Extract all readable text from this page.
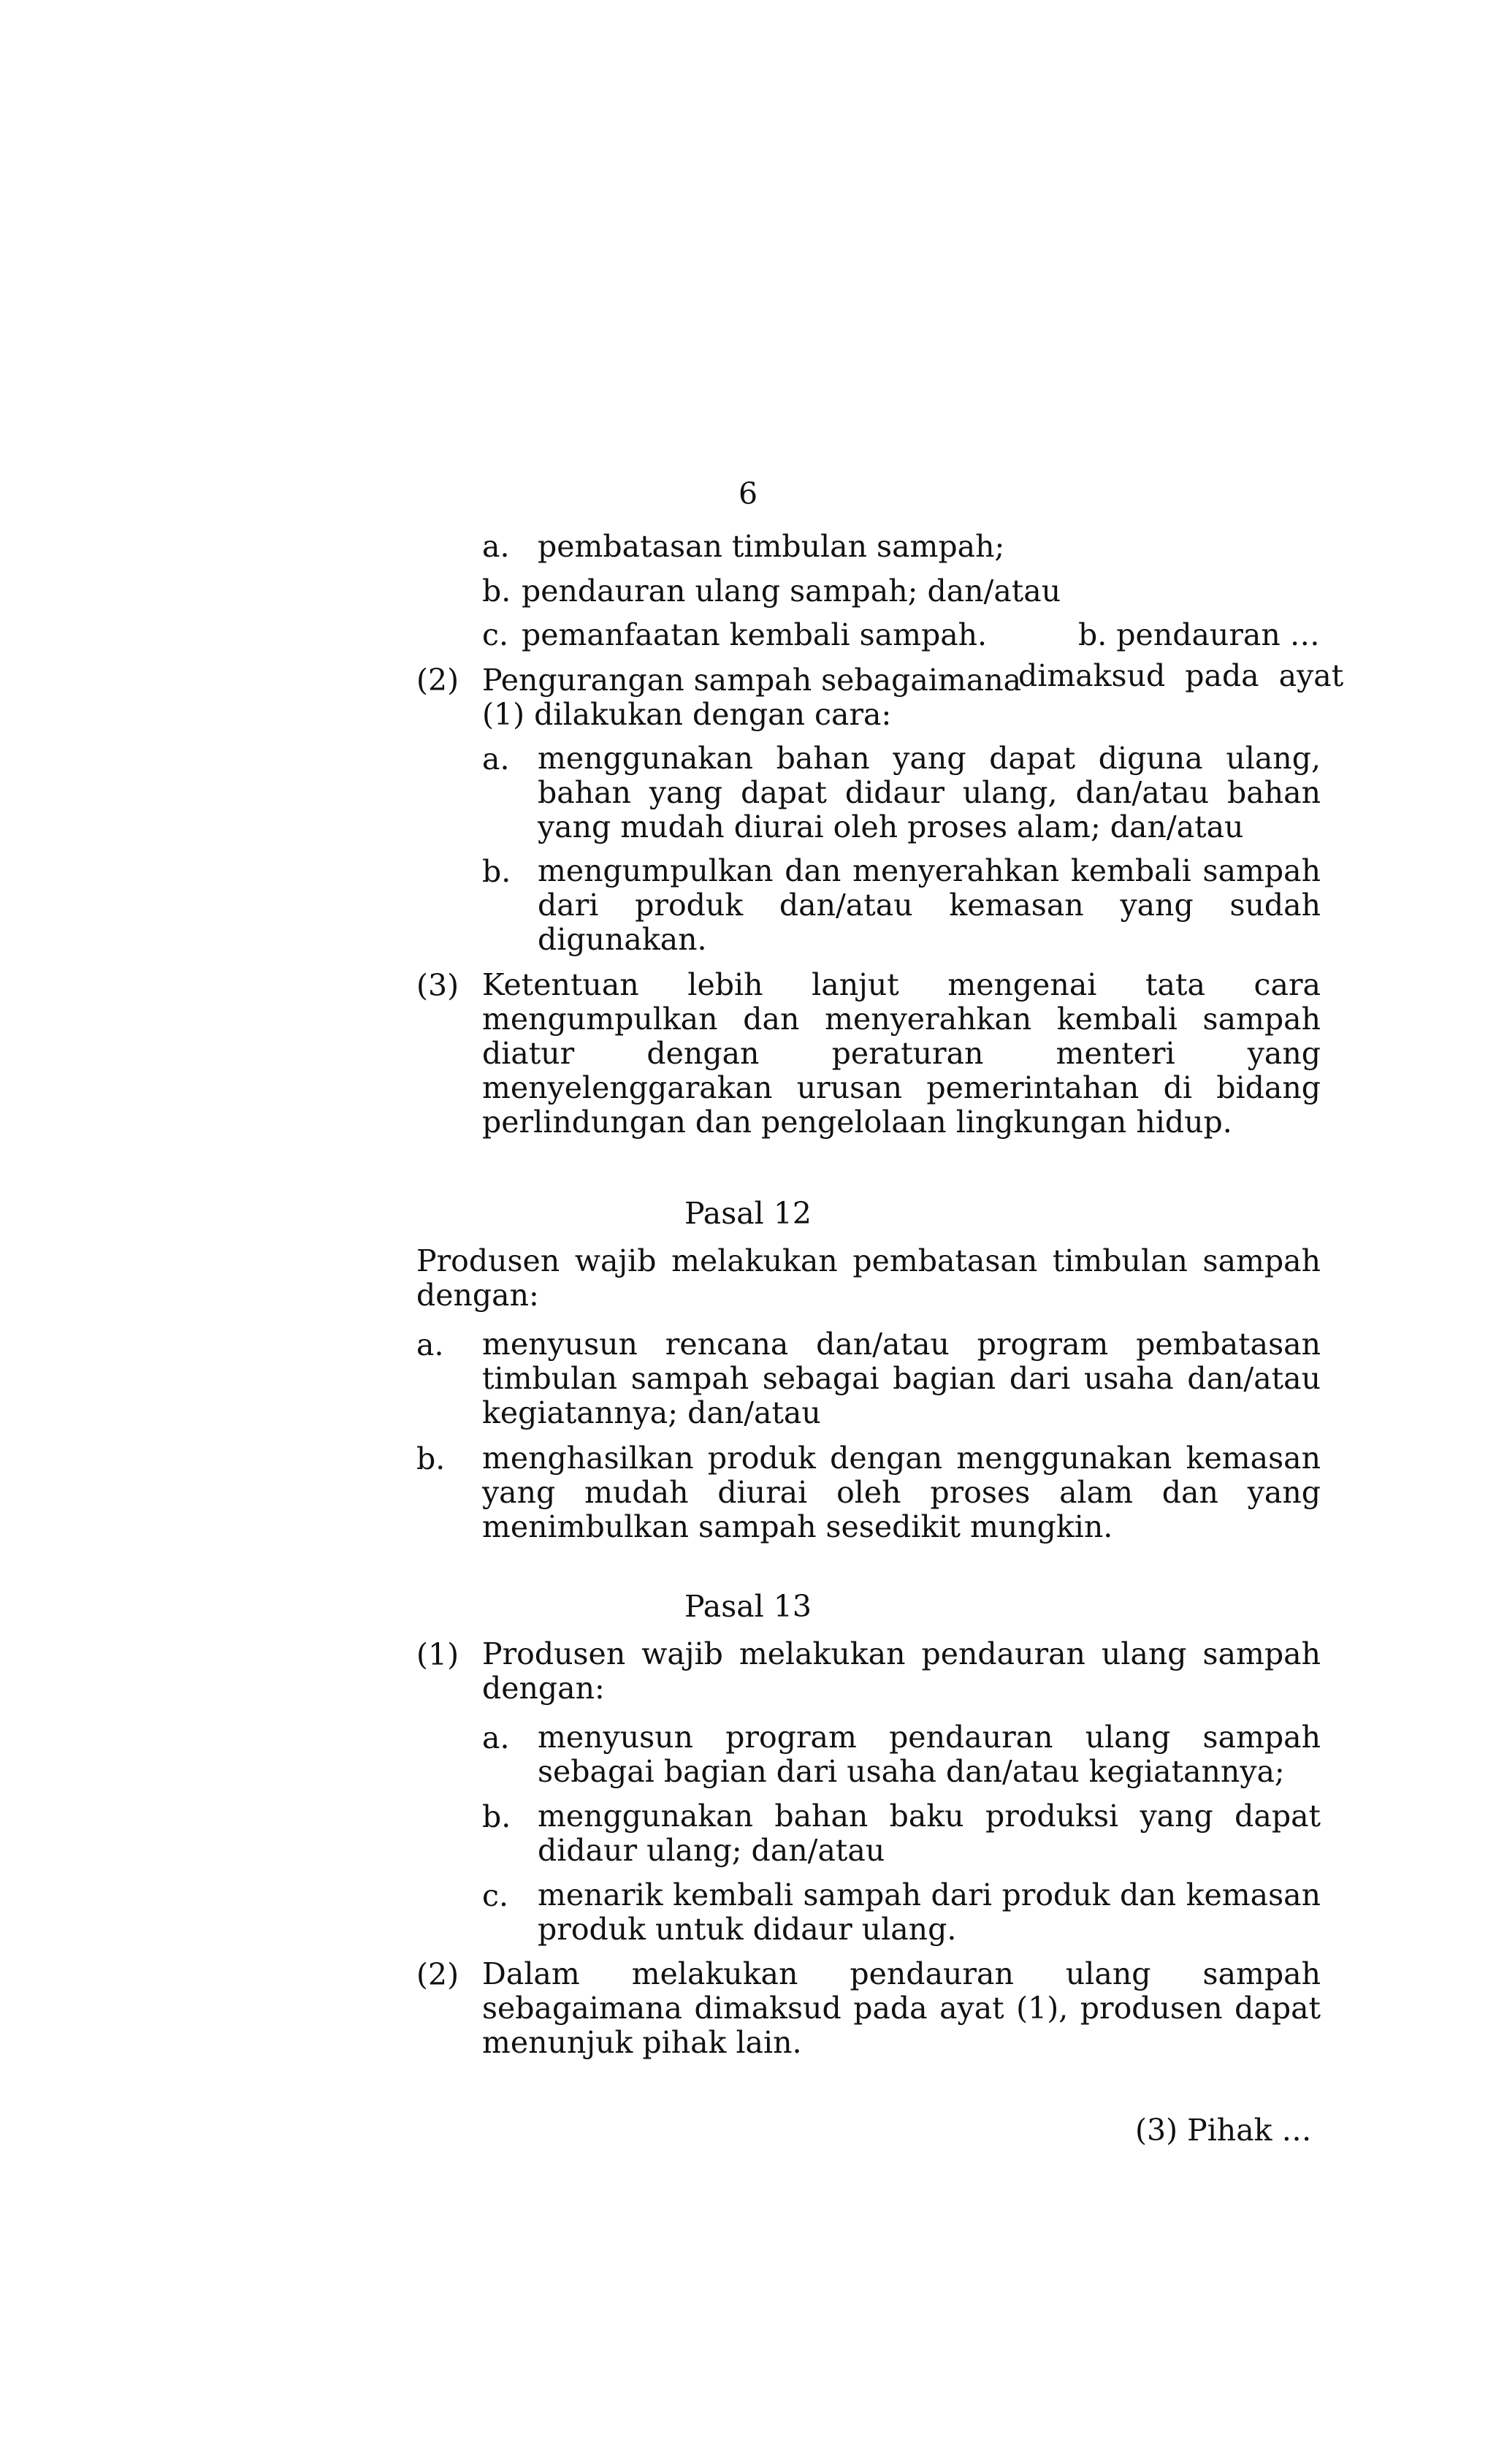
6
a. pembatasan timbulan sampah;
b. pendauran ulang sampah; dan/atau
c. pemanfaatan kembali sampah.	b. pendauran …
(2) Pengurangan sampah sebagaimana
dimaksud pada ayat
(1) dilakukan dengan cara:
a. menggunakan bahan yang dapat diguna ulang, bahan yang dapat didaur ulang, dan/atau bahan yang mudah diurai oleh proses alam; dan/atau
b. mengumpulkan dan menyerahkan kembali sampah dari produk dan/atau kemasan yang sudah digunakan.
(3) Ketentuan lebih lanjut mengenai tata cara mengumpulkan dan menyerahkan kembali sampah diatur dengan peraturan menteri yang menyelenggarakan urusan pemerintahan di bidang perlindungan dan pengelolaan lingkungan hidup.
Pasal 12
Produsen wajib melakukan pembatasan timbulan sampah dengan:
a. menyusun rencana dan/atau program pembatasan timbulan sampah sebagai bagian dari usaha dan/atau kegiatannya; dan/atau
b. menghasilkan produk dengan menggunakan kemasan yang mudah diurai oleh proses alam dan yang menimbulkan sampah sesedikit mungkin.
Pasal 13
(1) Produsen wajib melakukan pendauran ulang sampah dengan:
a. menyusun program pendauran ulang sampah sebagai bagian dari usaha dan/atau kegiatannya;
b. menggunakan bahan baku produksi yang dapat didaur ulang; dan/atau
c. menarik kembali sampah dari produk dan kemasan produk untuk didaur ulang.
(2) Dalam melakukan pendauran ulang sampah sebagaimana dimaksud pada ayat (1), produsen dapat menunjuk pihak lain.
(3) Pihak …
